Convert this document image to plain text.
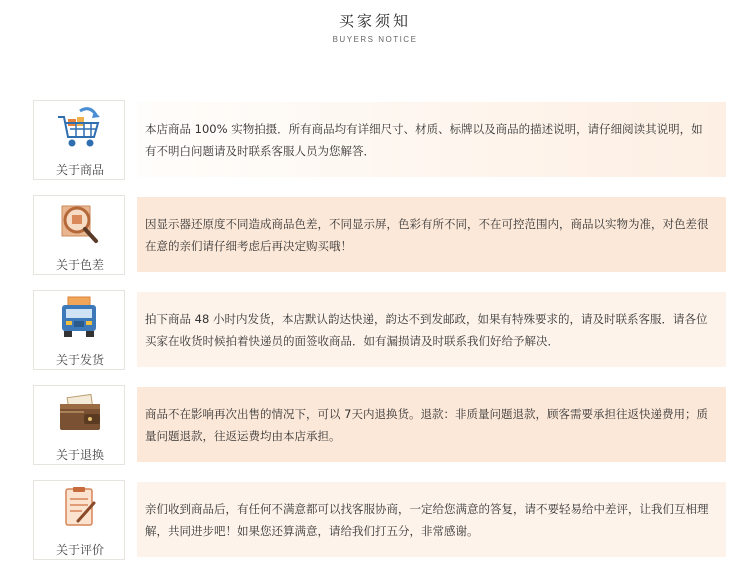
买家须知
BUYERS NOTICE
关于商品
本店商品 100% 实物拍摄．所有商品均有详细尺寸、材质、标牌以及商品的描述说明，请仔细阅读其说明，如有不明白问题请及时联系客服人员为您解答．
关于色差
因显示器还原度不同造成商品色差，不同显示屏，色彩有所不同，不在可控范围内，商品以实物为准，对色差很在意的亲们请仔细考虑后再决定购买哦！
关于发货
拍下商品 48 小时内发货，本店默认韵达快递，韵达不到发邮政，如果有特殊要求的，请及时联系客服．请各位买家在收货时候拍着快递员的面签收商品．如有漏损请及时联系我们好给予解决．
关于退换
商品不在影响再次出售的情况下，可以 7天内退换货。退款：非质量问题退款，顾客需要承担往返快递费用；质量问题退款，往返运费均由本店承担。
关于评价
亲们收到商品后，有任何不满意都可以找客服协商，一定给您满意的答复，请不要轻易给中差评，让我们互相理解，共同进步吧！如果您还算满意，请给我们打五分，非常感谢。
